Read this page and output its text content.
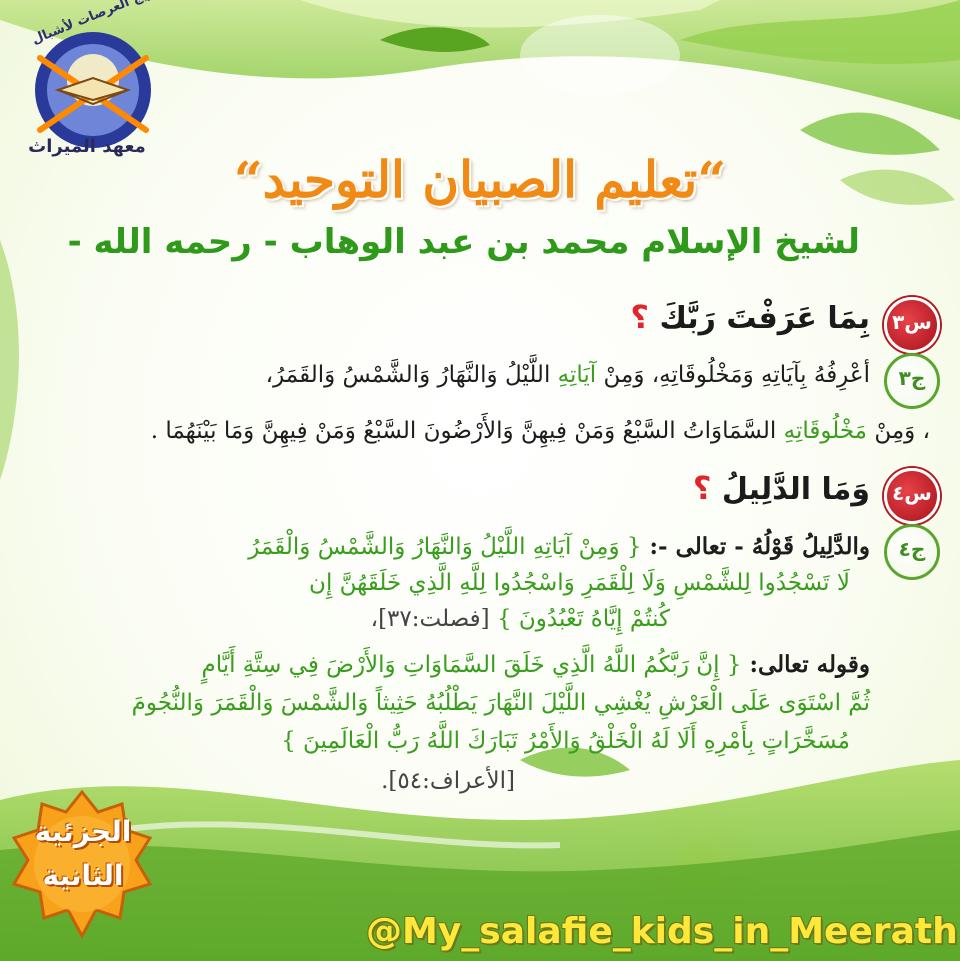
معهد الميراث
“تعليم الصبيان التوحيد“
لشيخ الإسلام محمد بن عبد الوهاب - رحمه الله -
س٣
بِمَا عَرَفْتَ رَبَّكَ ؟
ج٣
أعْرِفُهُ بِآيَاتِهِ وَمَخْلُوقَاتِهِ، وَمِنْ آيَاتِهِ اللَّيْلُ وَالنَّهَارُ وَالشَّمْسُ وَالقَمَرُ،
، وَمِنْ مَخْلُوقَاتِهِ السَّمَاوَاتُ السَّبْعُ وَمَنْ فِيهِنَّ وَالأَرْضُونَ السَّبْعُ وَمَنْ فِيهِنَّ وَمَا بَيْنَهُمَا .
س٤
وَمَا الدَّلِيلُ ؟
ج٤
والدَّلِيلُ قَوْلُهُ - تعالى -: { وَمِنْ آيَاتِهِ اللَّيْلُ وَالنَّهَارُ وَالشَّمْسُ وَالْقَمَرُ
لَا تَسْجُدُوا لِلشَّمْسِ وَلَا لِلْقَمَرِ وَاسْجُدُوا لِلَّهِ الَّذِي خَلَقَهُنَّ إِن
كُنتُمْ إِيَّاهُ تَعْبُدُونَ } [فصلت:٣٧]،
وقوله تعالى: { إِنَّ رَبَّكُمُ اللَّهُ الَّذِي خَلَقَ السَّمَاوَاتِ وَالأَرْضَ فِي سِتَّةِ أَيَّامٍ
ثُمَّ اسْتَوَى عَلَى الْعَرْشِ يُغْشِي اللَّيْلَ النَّهَارَ يَطْلُبُهُ حَثِيثاً وَالشَّمْسَ وَالْقَمَرَ وَالنُّجُومَ
مُسَخَّرَاتٍ بِأَمْرِهِ أَلَا لَهُ الْخَلْقُ وَالأَمْرُ تَبَارَكَ اللَّهُ رَبُّ الْعَالَمِينَ }
[الأعراف:٥٤].
الجزئية
الثانية
@My_salafie_kids_in_Meerath
